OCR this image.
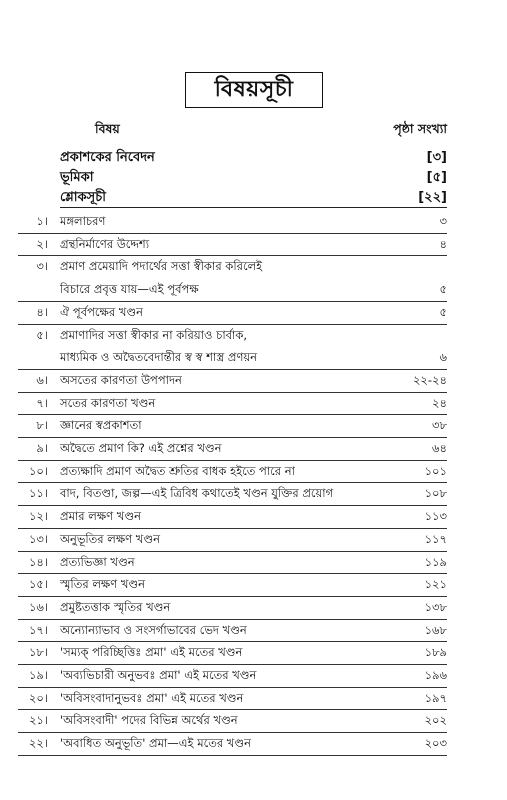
বিষয়সূচী
বিষয়	পৃষ্ঠা সংখ্যা
প্রকাশকের নিবেদন	[৩]
ভূমিকা	[৫]
শ্লোকসূচী	[২২]
১। মঙ্গলাচরণ	৩
২। গ্রন্থনির্মাণের উদ্দেশ্য	৪
৩। প্রমাণ প্রমেয়াদি পদার্থের সত্তা স্বীকার করিলেই
বিচারে প্রবৃত্ত যায়—এই পূর্বপক্ষ	৫
৪। ঐ পূর্বপক্ষের খণ্ডন	৫
৫। প্রমাণাদির সত্তা স্বীকার না করিয়াও চার্বাক,
মাধ্যমিক ও অদ্বৈতবেদান্তীর স্ব স্ব শাস্ত্র প্রণয়ন	৬
৬। অসতের কারণতা উপপাদন	২২-২৪
৭। সতের কারণতা খণ্ডন	২৪
৮। জ্ঞানের স্বপ্রকাশতা	৩৮
৯। অদ্বৈতে প্রমাণ কি? এই প্রশ্নের খণ্ডন	৬৪
১০। প্রত্যক্ষাদি প্রমাণ অদ্বৈত শ্রুতির বাধক হইতে পারে না	১০১
১১। বাদ, বিতণ্ডা, জল্প—এই ত্রিবিধ কথাতেই খণ্ডন যুক্তির প্রয়োগ	১০৮
১২। প্রমার লক্ষণ খণ্ডন	১১৩
১৩। অনুভূতির লক্ষণ খণ্ডন	১১৭
১৪। প্রত্যভিজ্ঞা খণ্ডন	১১৯
১৫। স্মৃতির লক্ষণ খণ্ডন	১২১
১৬। প্রমুষ্টতত্তাক স্মৃতির খণ্ডন	১৩৮
১৭। অন্যোন্যাভাব ও সংসর্গাভাবের ভেদ খণ্ডন	১৬৮
১৮। 'সম্যক্ পরিচ্ছিত্তিঃ প্রমা' এই মতের খণ্ডন	১৮৯
১৯। 'অব্যভিচারী অনুভবঃ প্রমা' এই মতের খণ্ডন	১৯৬
২০। 'অবিসংবাদানুভবঃ প্রমা' এই মতের খণ্ডন	১৯৭
২১। 'অবিসংবাদী' পদের বিভিন্ন অর্থের খণ্ডন	২০২
২২। 'অবাধিত অনুভূতি' প্রমা—এই মতের খণ্ডন	২০৩
